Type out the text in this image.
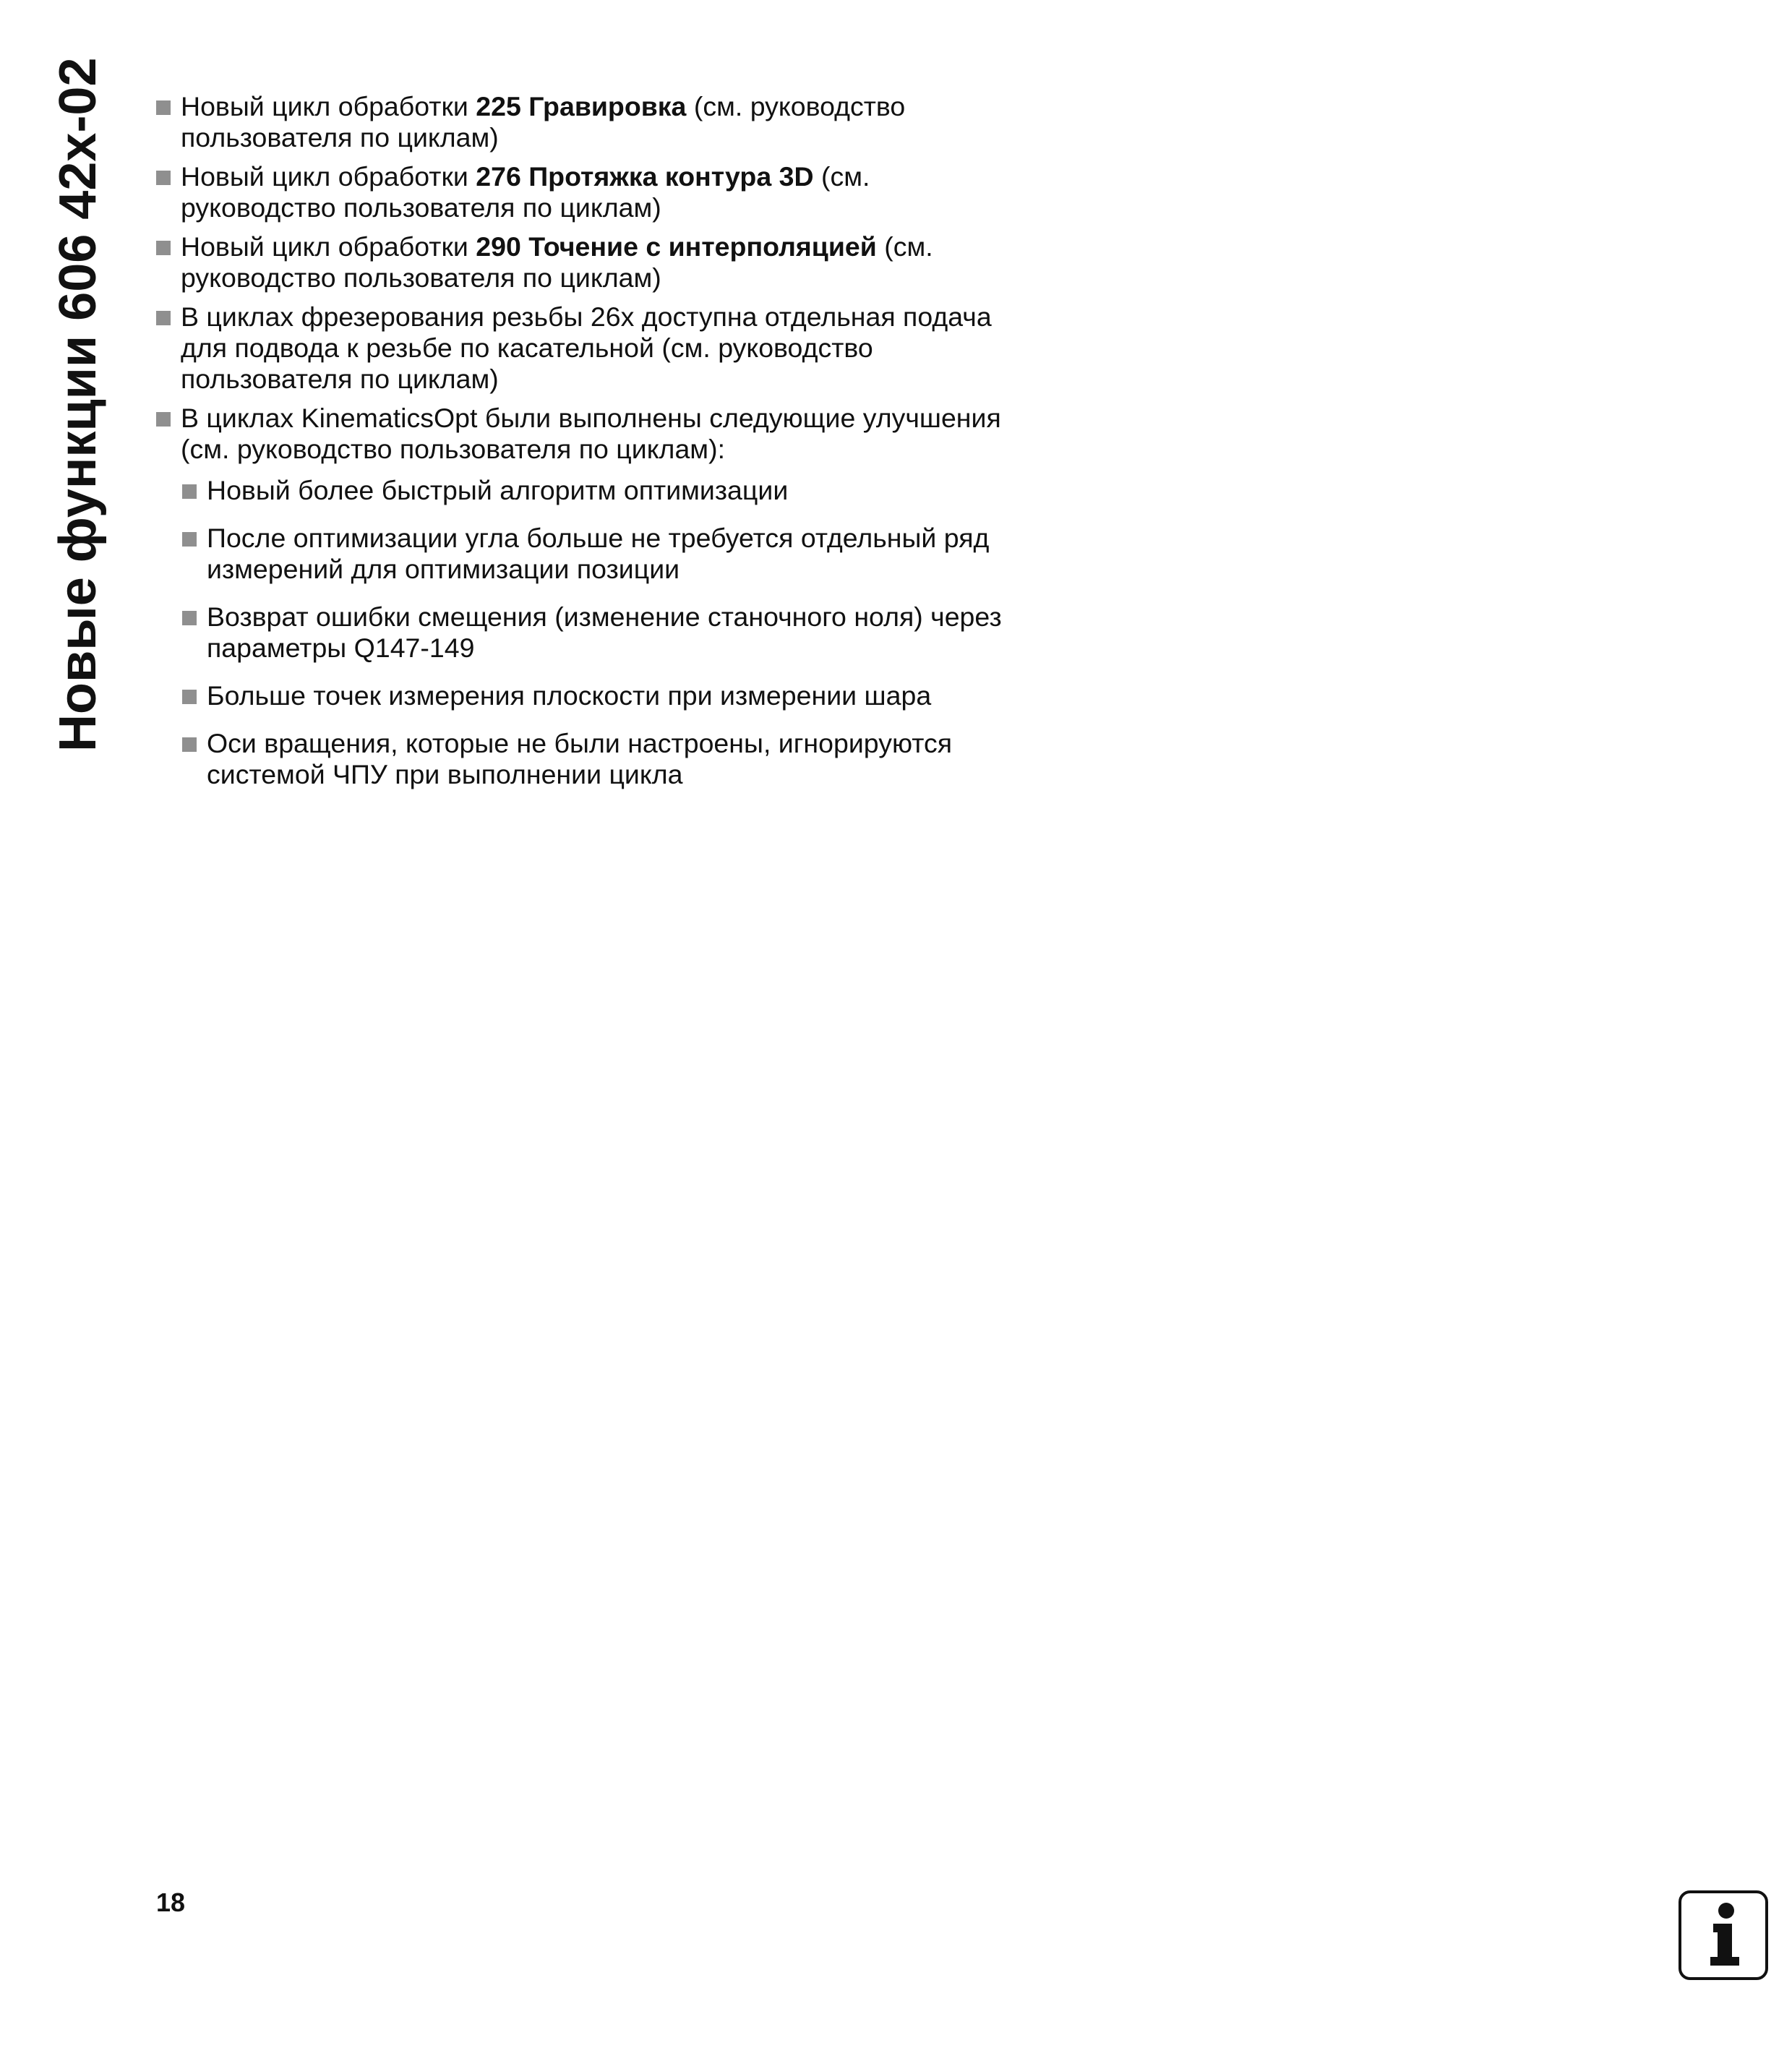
Новые функции 606 42x-02	Новый цикл обработки 225 Гравировка (см. руководство пользователя по циклам)
Новый цикл обработки 276 Протяжка контура 3D (см. руководство пользователя по циклам)
Новый цикл обработки 290 Точение с интерполяцией (см. руководство пользователя по циклам)
В циклах фрезерования резьбы 26x доступна отдельная подача для подвода к резьбе по касательной (см. руководство пользователя по циклам)
В циклах KinematicsOpt были выполнены следующие улучшения (см. руководство пользователя по циклам):
Новый более быстрый алгоритм оптимизации
После оптимизации угла больше не требуется отдельный ряд измерений для оптимизации позиции
Возврат ошибки смещения (изменение станочного ноля) через параметры Q147-149
Больше точек измерения плоскости при измерении шара
Оси вращения, которые не были настроены, игнорируются системой ЧПУ при выполнении цикла
18
